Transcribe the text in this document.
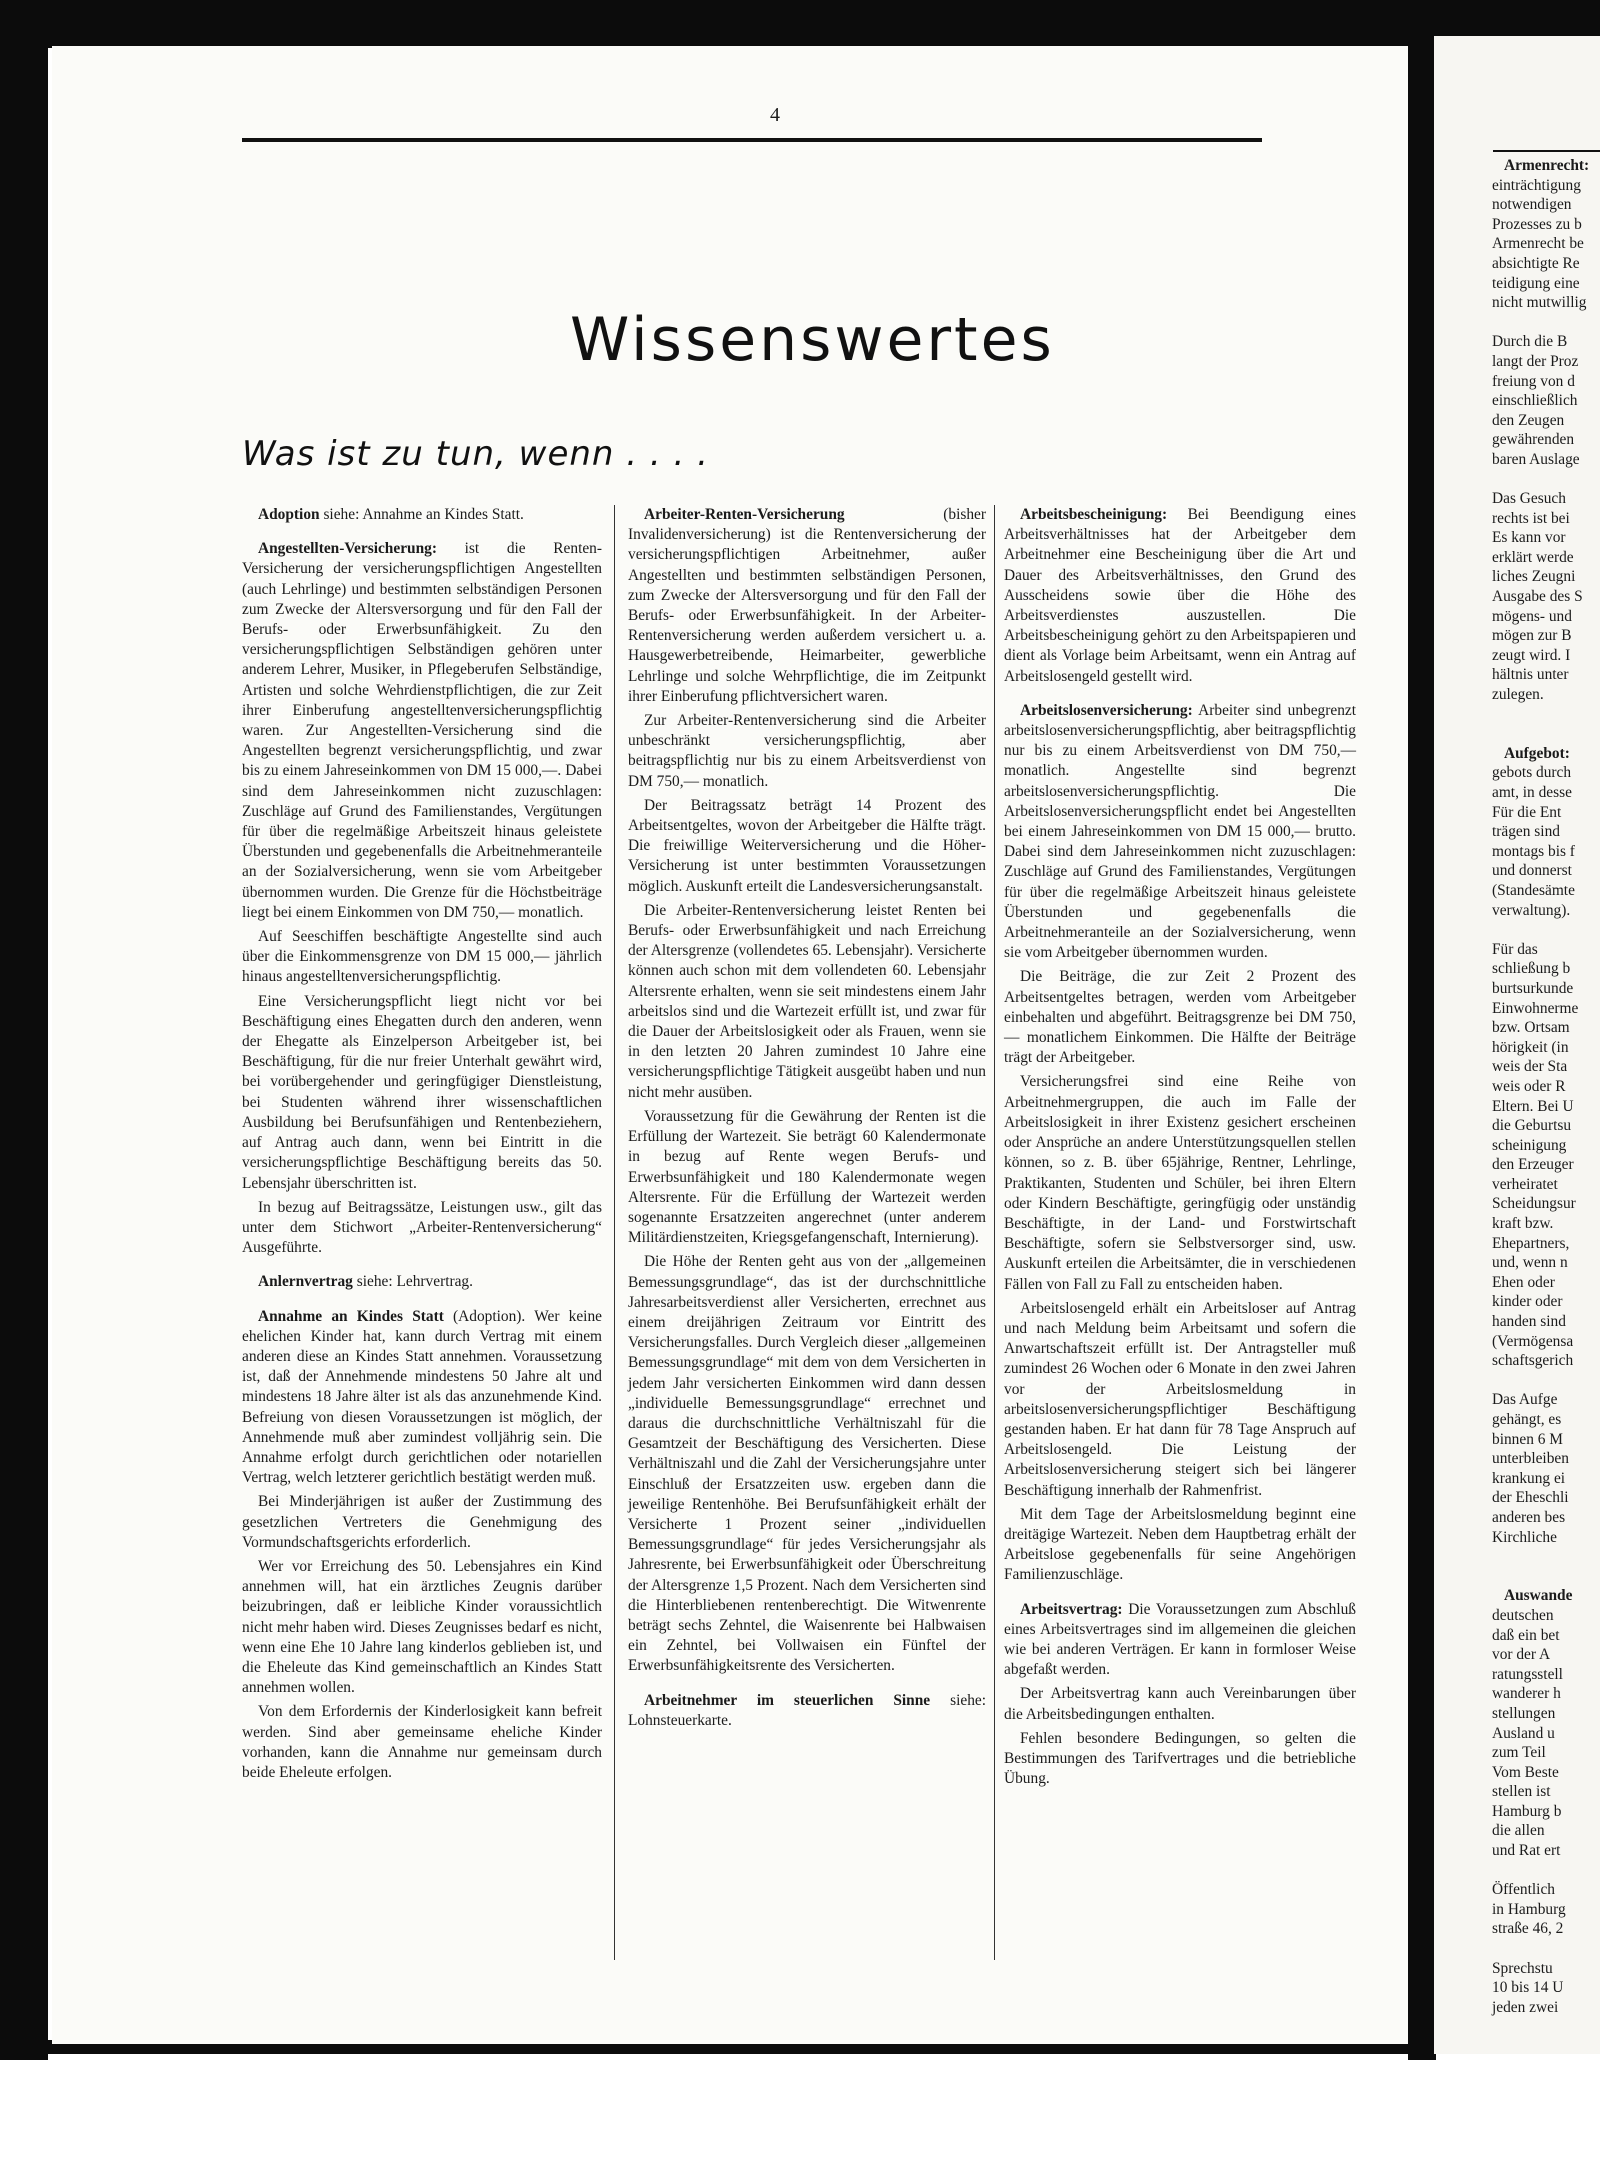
4
Wissenswertes
Was ist zu tun, wenn . . . .

Adoption siehe: Annahme an Kindes Statt.

Angestellten-Versicherung: ist die Renten-Versicherung der versicherungspflichtigen Angestellten (auch Lehrlinge) und bestimmten selbständigen Personen zum Zwecke der Altersversorgung und für den Fall der Berufs- oder Erwerbsunfähigkeit. Zu den versicherungspflichtigen Selbständigen gehören unter anderem Lehrer, Musiker, in Pflegeberufen Selbständige, Artisten und solche Wehrdienstpflichtigen, die zur Zeit ihrer Einberufung angestelltenversicherungspflichtig waren. Zur Angestellten-Versicherung sind die Angestellten begrenzt versicherungspflichtig, und zwar bis zu einem Jahreseinkommen von DM 15 000,—. Dabei sind dem Jahreseinkommen nicht zuzuschlagen: Zuschläge auf Grund des Familienstandes, Vergütungen für über die regelmäßige Arbeitszeit hinaus geleistete Überstunden und gegebenenfalls die Arbeitnehmeranteile an der Sozialversicherung, wenn sie vom Arbeitgeber übernommen wurden. Die Grenze für die Höchstbeiträge liegt bei einem Einkommen von DM 750,— monatlich.

Auf Seeschiffen beschäftigte Angestellte sind auch über die Einkommensgrenze von DM 15 000,— jährlich hinaus angestelltenversicherungspflichtig.

Eine Versicherungspflicht liegt nicht vor bei Beschäftigung eines Ehegatten durch den anderen, wenn der Ehegatte als Einzelperson Arbeitgeber ist, bei Beschäftigung, für die nur freier Unterhalt gewährt wird, bei vorübergehender und geringfügiger Dienstleistung, bei Studenten während ihrer wissenschaftlichen Ausbildung bei Berufsunfähigen und Rentenbeziehern, auf Antrag auch dann, wenn bei Eintritt in die versicherungspflichtige Beschäftigung bereits das 50. Lebensjahr überschritten ist.

In bezug auf Beitragssätze, Leistungen usw., gilt das unter dem Stichwort „Arbeiter-Rentenversicherung“ Ausgeführte.

Anlernvertrag siehe: Lehrvertrag.

Annahme an Kindes Statt (Adoption). Wer keine ehelichen Kinder hat, kann durch Vertrag mit einem anderen diese an Kindes Statt annehmen. Voraussetzung ist, daß der Annehmende mindestens 50 Jahre alt und mindestens 18 Jahre älter ist als das anzunehmende Kind. Befreiung von diesen Voraussetzungen ist möglich, der Annehmende muß aber zumindest volljährig sein. Die Annahme erfolgt durch gerichtlichen oder notariellen Vertrag, welch letzterer gerichtlich bestätigt werden muß.

Bei Minderjährigen ist außer der Zustimmung des gesetzlichen Vertreters die Genehmigung des Vormundschaftsgerichts erforderlich.

Wer vor Erreichung des 50. Lebensjahres ein Kind annehmen will, hat ein ärztliches Zeugnis darüber beizubringen, daß er leibliche Kinder voraussichtlich nicht mehr haben wird. Dieses Zeugnisses bedarf es nicht, wenn eine Ehe 10 Jahre lang kinderlos geblieben ist, und die Eheleute das Kind gemeinschaftlich an Kindes Statt annehmen wollen.

Von dem Erfordernis der Kinderlosigkeit kann befreit werden. Sind aber gemeinsame eheliche Kinder vorhanden, kann die Annahme nur gemeinsam durch beide Eheleute erfolgen.

Arbeiter-Renten-Versicherung (bisher Invalidenversicherung) ist die Rentenversicherung der versicherungspflichtigen Arbeitnehmer, außer Angestellten und bestimmten selbständigen Personen, zum Zwecke der Altersversorgung und für den Fall der Berufs- oder Erwerbsunfähigkeit. In der Arbeiter-Rentenversicherung werden außerdem versichert u. a. Hausgewerbetreibende, Heimarbeiter, gewerbliche Lehrlinge und solche Wehrpflichtige, die im Zeitpunkt ihrer Einberufung pflichtversichert waren.

Zur Arbeiter-Rentenversicherung sind die Arbeiter unbeschränkt versicherungspflichtig, aber beitragspflichtig nur bis zu einem Arbeitsverdienst von DM 750,— monatlich.

Der Beitragssatz beträgt 14 Prozent des Arbeitsentgeltes, wovon der Arbeitgeber die Hälfte trägt. Die freiwillige Weiterversicherung und die Höher-Versicherung ist unter bestimmten Voraussetzungen möglich. Auskunft erteilt die Landesversicherungsanstalt.

Die Arbeiter-Rentenversicherung leistet Renten bei Berufs- oder Erwerbsunfähigkeit und nach Erreichung der Altersgrenze (vollendetes 65. Lebensjahr). Versicherte können auch schon mit dem vollendeten 60. Lebensjahr Altersrente erhalten, wenn sie seit mindestens einem Jahr arbeitslos sind und die Wartezeit erfüllt ist, und zwar für die Dauer der Arbeitslosigkeit oder als Frauen, wenn sie in den letzten 20 Jahren zumindest 10 Jahre eine versicherungspflichtige Tätigkeit ausgeübt haben und nun nicht mehr ausüben.

Voraussetzung für die Gewährung der Renten ist die Erfüllung der Wartezeit. Sie beträgt 60 Kalendermonate in bezug auf Rente wegen Berufs- und Erwerbsunfähigkeit und 180 Kalendermonate wegen Altersrente. Für die Erfüllung der Wartezeit werden sogenannte Ersatzzeiten angerechnet (unter anderem Militärdienstzeiten, Kriegsgefangenschaft, Internierung).

Die Höhe der Renten geht aus von der „allgemeinen Bemessungsgrundlage“, das ist der durchschnittliche Jahresarbeitsverdienst aller Versicherten, errechnet aus einem dreijährigen Zeitraum vor Eintritt des Versicherungsfalles. Durch Vergleich dieser „allgemeinen Bemessungsgrundlage“ mit dem von dem Versicherten in jedem Jahr versicherten Einkommen wird dann dessen „individuelle Bemessungsgrundlage“ errechnet und daraus die durchschnittliche Verhältniszahl für die Gesamtzeit der Beschäftigung des Versicherten. Diese Verhältniszahl und die Zahl der Versicherungsjahre unter Einschluß der Ersatzzeiten usw. ergeben dann die jeweilige Rentenhöhe. Bei Berufsunfähigkeit erhält der Versicherte 1 Prozent seiner „individuellen Bemessungsgrundlage“ für jedes Versicherungsjahr als Jahresrente, bei Erwerbsunfähigkeit oder Überschreitung der Altersgrenze 1,5 Prozent. Nach dem Versicherten sind die Hinterbliebenen rentenberechtigt. Die Witwenrente beträgt sechs Zehntel, die Waisenrente bei Halbwaisen ein Zehntel, bei Vollwaisen ein Fünftel der Erwerbsunfähigkeitsrente des Versicherten.

Arbeitnehmer im steuerlichen Sinne siehe: Lohnsteuerkarte.

Arbeitsbescheinigung: Bei Beendigung eines Arbeitsverhältnisses hat der Arbeitgeber dem Arbeitnehmer eine Bescheinigung über die Art und Dauer des Arbeitsverhältnisses, den Grund des Ausscheidens sowie über die Höhe des Arbeitsverdienstes auszustellen. Die Arbeitsbescheinigung gehört zu den Arbeitspapieren und dient als Vorlage beim Arbeitsamt, wenn ein Antrag auf Arbeitslosengeld gestellt wird.

Arbeitslosenversicherung: Arbeiter sind unbegrenzt arbeitslosenversicherungspflichtig, aber beitragspflichtig nur bis zu einem Arbeitsverdienst von DM 750,— monatlich. Angestellte sind begrenzt arbeitslosenversicherungspflichtig. Die Arbeitslosenversicherungspflicht endet bei Angestellten bei einem Jahreseinkommen von DM 15 000,— brutto. Dabei sind dem Jahreseinkommen nicht zuzuschlagen: Zuschläge auf Grund des Familienstandes, Vergütungen für über die regelmäßige Arbeitszeit hinaus geleistete Überstunden und gegebenenfalls die Arbeitnehmeranteile an der Sozialversicherung, wenn sie vom Arbeitgeber übernommen wurden.

Die Beiträge, die zur Zeit 2 Prozent des Arbeitsentgeltes betragen, werden vom Arbeitgeber einbehalten und abgeführt. Beitragsgrenze bei DM 750,— monatlichem Einkommen. Die Hälfte der Beiträge trägt der Arbeitgeber.

Versicherungsfrei sind eine Reihe von Arbeitnehmergruppen, die auch im Falle der Arbeitslosigkeit in ihrer Existenz gesichert erscheinen oder Ansprüche an andere Unterstützungsquellen stellen können, so z. B. über 65jährige, Rentner, Lehrlinge, Praktikanten, Studenten und Schüler, bei ihren Eltern oder Kindern Beschäftigte, geringfügig oder unständig Beschäftigte, in der Land- und Forstwirtschaft Beschäftigte, sofern sie Selbstversorger sind, usw. Auskunft erteilen die Arbeitsämter, die in verschiedenen Fällen von Fall zu Fall zu entscheiden haben.

Arbeitslosengeld erhält ein Arbeitsloser auf Antrag und nach Meldung beim Arbeitsamt und sofern die Anwartschaftszeit erfüllt ist. Der Antragsteller muß zumindest 26 Wochen oder 6 Monate in den zwei Jahren vor der Arbeitslosmeldung in arbeitslosenversicherungspflichtiger Beschäftigung gestanden haben. Er hat dann für 78 Tage Anspruch auf Arbeitslosengeld. Die Leistung der Arbeitslosenversicherung steigert sich bei längerer Beschäftigung innerhalb der Rahmenfrist.

Mit dem Tage der Arbeitslosmeldung beginnt eine dreitägige Wartezeit. Neben dem Hauptbetrag erhält der Arbeitslose gegebenenfalls für seine Angehörigen Familienzuschläge.

Arbeitsvertrag: Die Voraussetzungen zum Abschluß eines Arbeitsvertrages sind im allgemeinen die gleichen wie bei anderen Verträgen. Er kann in formloser Weise abgefaßt werden.

Der Arbeitsvertrag kann auch Vereinbarungen über die Arbeitsbedingungen enthalten.

Fehlen besondere Bedingungen, so gelten die Bestimmungen des Tarifvertrages und die betriebliche Übung.

Armenrecht:
einträchtigung
notwendigen
Prozesses zu b
Armenrecht be
absichtigte Re
teidigung eine
nicht mutwillig
Durch die B
langt der Proz
freiung von d
einschließlich
den Zeugen
gewährenden
baren Auslage
Das Gesuch
rechts ist bei
Es kann vor
erklärt werde
liches Zeugni
Ausgabe des S
mögens- und
mögen zur B
zeugt wird. I
hältnis unter
zulegen.
Aufgebot:
gebots durch
amt, in desse
Für die Ent
trägen sind
montags bis f
und donnerst
(Standesämte
verwaltung).
Für das
schließung b
burtsurkunde
Einwohnerme
bzw. Ortsam
hörigkeit (in
weis der Sta
weis oder R
Eltern. Bei U
die Geburtsu
scheinigung
den Erzeuger
verheiratet
Scheidungsur
kraft bzw.
Ehepartners,
und, wenn n
Ehen oder
kinder oder
handen sind
(Vermögensa
schaftsgerich
Das Aufge
gehängt, es
binnen 6 M
unterbleiben
krankung ei
der Eheschli
anderen bes
Kirchliche
Auswande
deutschen
daß ein bet
vor der A
ratungsstell
wanderer h
stellungen
Ausland u
zum Teil
Vom Beste
stellen ist
Hamburg b
die allen
und Rat ert
Öffentlich
in Hamburg
straße 46, 2
Sprechstu
10 bis 14 U
jeden zwei
